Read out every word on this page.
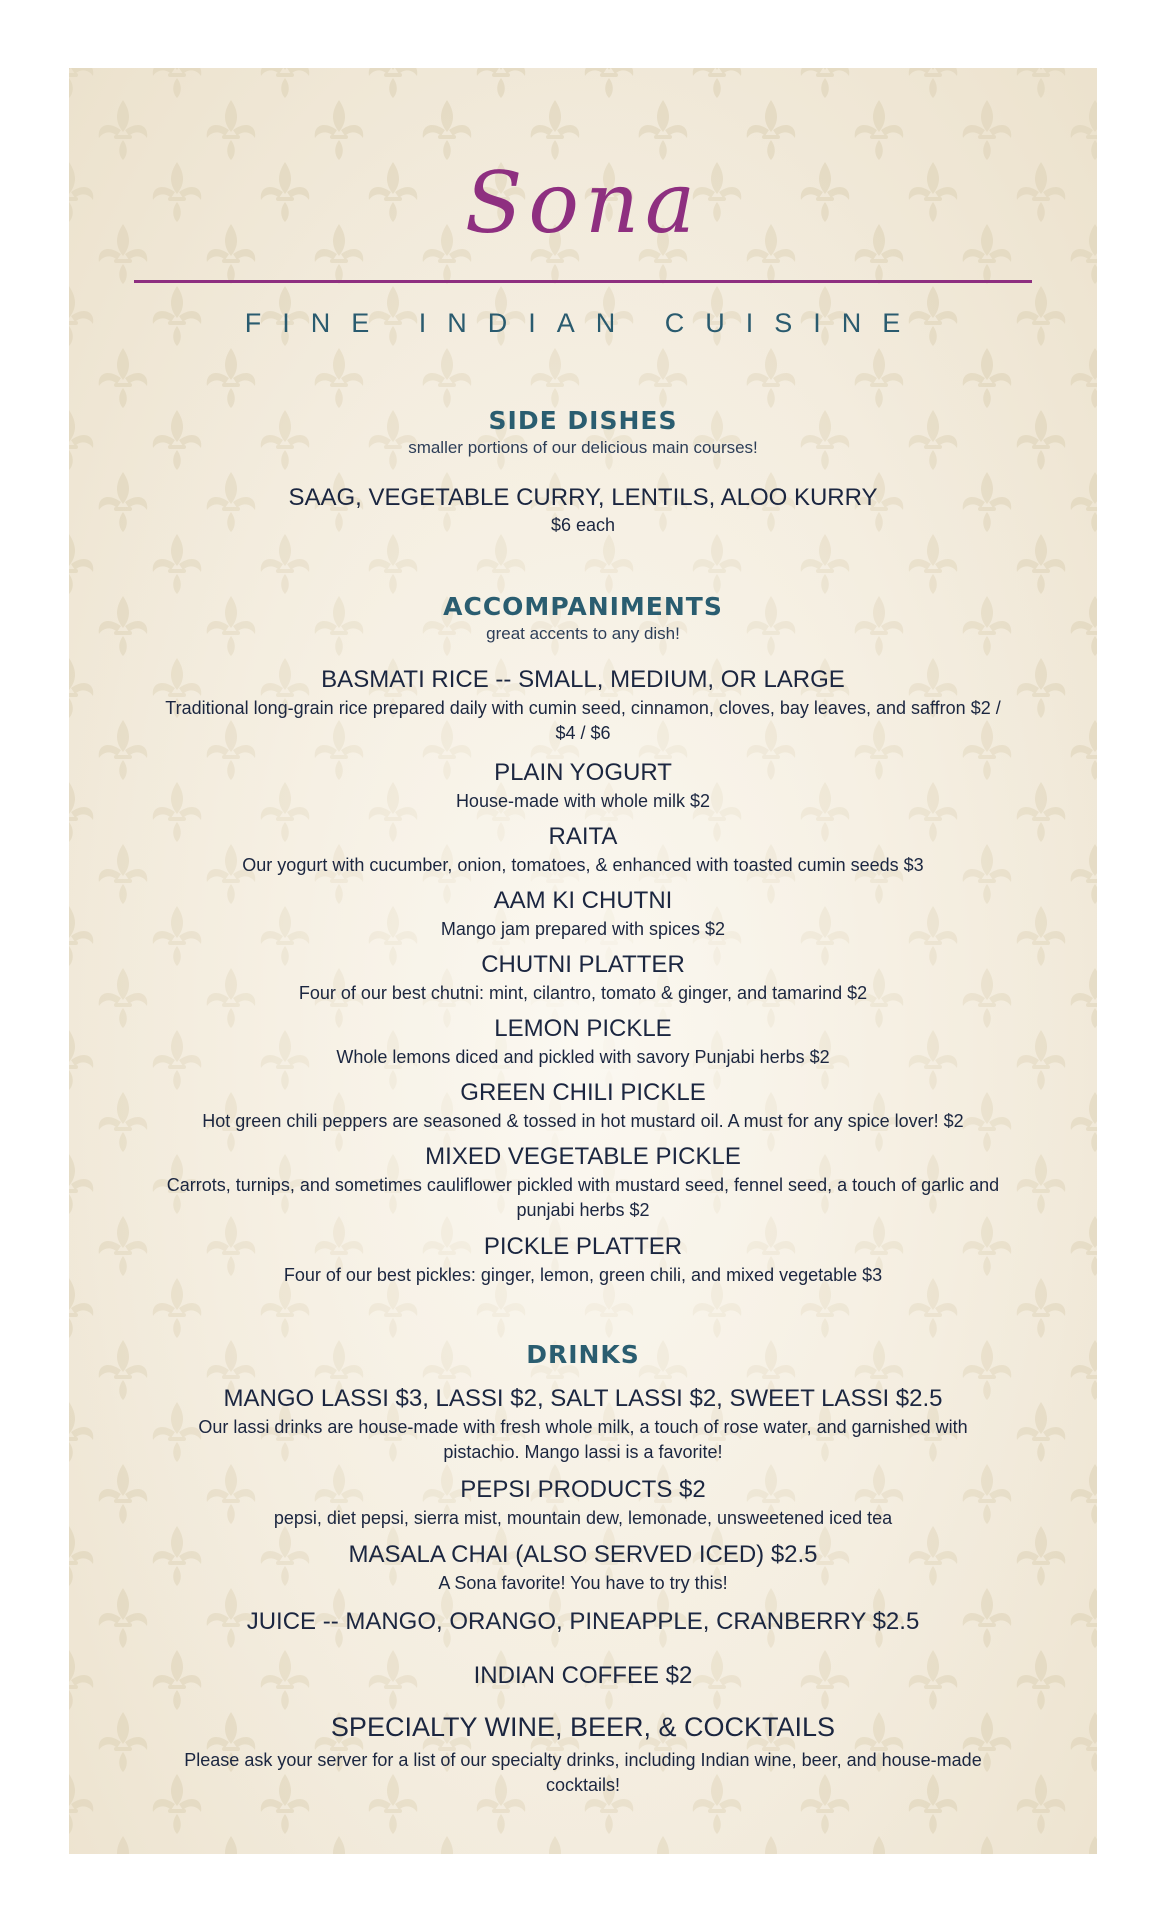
Sona
FINE INDIAN CUISINE
SIDE DISHES
smaller portions of our delicious main courses!
SAAG, VEGETABLE CURRY, LENTILS, ALOO KURRY
$6 each
ACCOMPANIMENTS
great accents to any dish!
BASMATI RICE -- SMALL, MEDIUM, OR LARGE
Traditional long-grain rice prepared daily with cumin seed, cinnamon, cloves, bay leaves, and saffron $2 / $4 / $6
PLAIN YOGURT
House-made with whole milk $2
RAITA
Our yogurt with cucumber, onion, tomatoes, & enhanced with toasted cumin seeds $3
AAM KI CHUTNI
Mango jam prepared with spices $2
CHUTNI PLATTER
Four of our best chutni: mint, cilantro, tomato & ginger, and tamarind $2
LEMON PICKLE
Whole lemons diced and pickled with savory Punjabi herbs $2
GREEN CHILI PICKLE
Hot green chili peppers are seasoned & tossed in hot mustard oil. A must for any spice lover! $2
MIXED VEGETABLE PICKLE
Carrots, turnips, and sometimes cauliflower pickled with mustard seed, fennel seed, a touch of garlic and punjabi herbs $2
PICKLE PLATTER
Four of our best pickles: ginger, lemon, green chili, and mixed vegetable $3
DRINKS
MANGO LASSI $3, LASSI $2, SALT LASSI $2, SWEET LASSI $2.5
Our lassi drinks are house-made with fresh whole milk, a touch of rose water, and garnished with pistachio. Mango lassi is a favorite!
PEPSI PRODUCTS $2
pepsi, diet pepsi, sierra mist, mountain dew, lemonade, unsweetened iced tea
MASALA CHAI (ALSO SERVED ICED) $2.5
A Sona favorite! You have to try this!
JUICE -- MANGO, ORANGO, PINEAPPLE, CRANBERRY $2.5
INDIAN COFFEE $2
SPECIALTY WINE, BEER, & COCKTAILS
Please ask your server for a list of our specialty drinks, including Indian wine, beer, and house-made cocktails!
